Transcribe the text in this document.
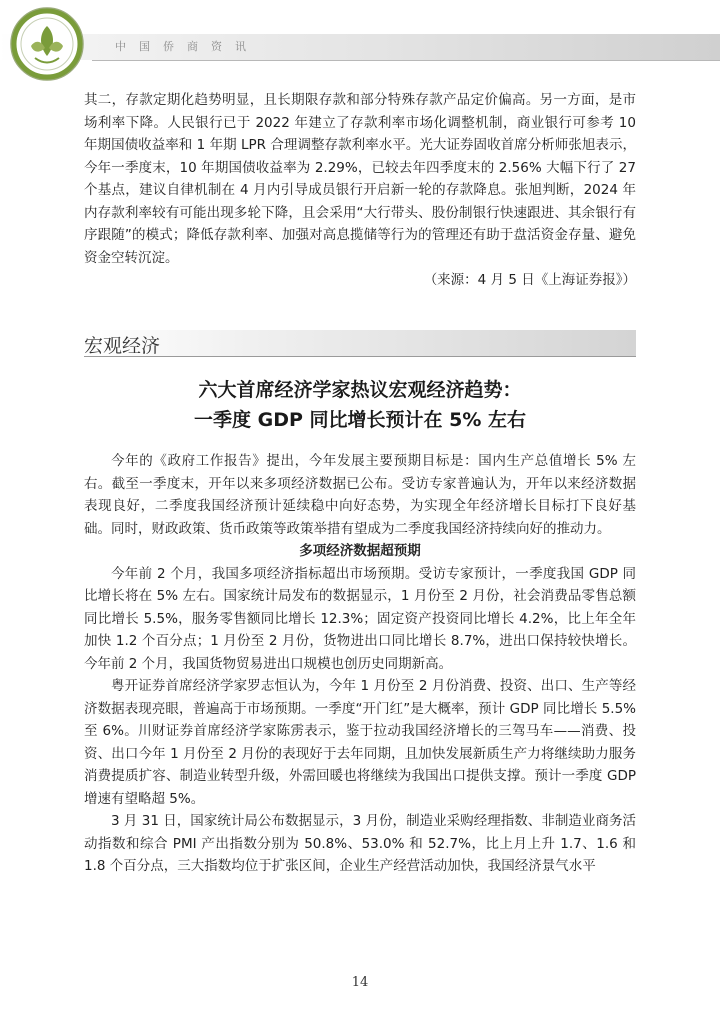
中国侨商资讯

其二，存款定期化趋势明显，且长期限存款和部分特殊存款产品定价偏高。另一方面，是市场利率下降。人民银行已于 2022 年建立了存款利率市场化调整机制，商业银行可参考 10 年期国债收益率和 1 年期 LPR 合理调整存款利率水平。光大证券固收首席分析师张旭表示，今年一季度末，10 年期国债收益率为 2.29%，已较去年四季度末的 2.56% 大幅下行了 27 个基点，建议自律机制在 4 月内引导成员银行开启新一轮的存款降息。张旭判断，2024 年内存款利率较有可能出现多轮下降，且会采用“大行带头、股份制银行快速跟进、其余银行有序跟随”的模式；降低存款利率、加强对高息揽储等行为的管理还有助于盘活资金存量、避免资金空转沉淀。

（来源：4 月 5 日《上海证券报》）

宏观经济
六大首席经济学家热议宏观经济趋势：
一季度 GDP 同比增长预计在 5% 左右

今年的《政府工作报告》提出，今年发展主要预期目标是：国内生产总值增长 5% 左右。截至一季度末，开年以来多项经济数据已公布。受访专家普遍认为，开年以来经济数据表现良好，二季度我国经济预计延续稳中向好态势，为实现全年经济增长目标打下良好基础。同时，财政政策、货币政策等政策举措有望成为二季度我国经济持续向好的推动力。

多项经济数据超预期

今年前 2 个月，我国多项经济指标超出市场预期。受访专家预计，一季度我国 GDP 同比增长将在 5% 左右。国家统计局发布的数据显示，1 月份至 2 月份，社会消费品零售总额同比增长 5.5%，服务零售额同比增长 12.3%；固定资产投资同比增长 4.2%，比上年全年加快 1.2 个百分点；1 月份至 2 月份，货物进出口同比增长 8.7%，进出口保持较快增长。今年前 2 个月，我国货物贸易进出口规模也创历史同期新高。

粤开证券首席经济学家罗志恒认为，今年 1 月份至 2 月份消费、投资、出口、生产等经济数据表现亮眼，普遍高于市场预期。一季度“开门红”是大概率，预计 GDP 同比增长 5.5% 至 6%。川财证券首席经济学家陈雳表示，鉴于拉动我国经济增长的三驾马车——消费、投资、出口今年 1 月份至 2 月份的表现好于去年同期，且加快发展新质生产力将继续助力服务消费提质扩容、制造业转型升级，外需回暖也将继续为我国出口提供支撑。预计一季度 GDP 增速有望略超 5%。

3 月 31 日，国家统计局公布数据显示，3 月份，制造业采购经理指数、非制造业商务活动指数和综合 PMI 产出指数分别为 50.8%、53.0% 和 52.7%，比上月上升 1.7、1.6 和 1.8 个百分点，三大指数均位于扩张区间，企业生产经营活动加快，我国经济景气水平

14
